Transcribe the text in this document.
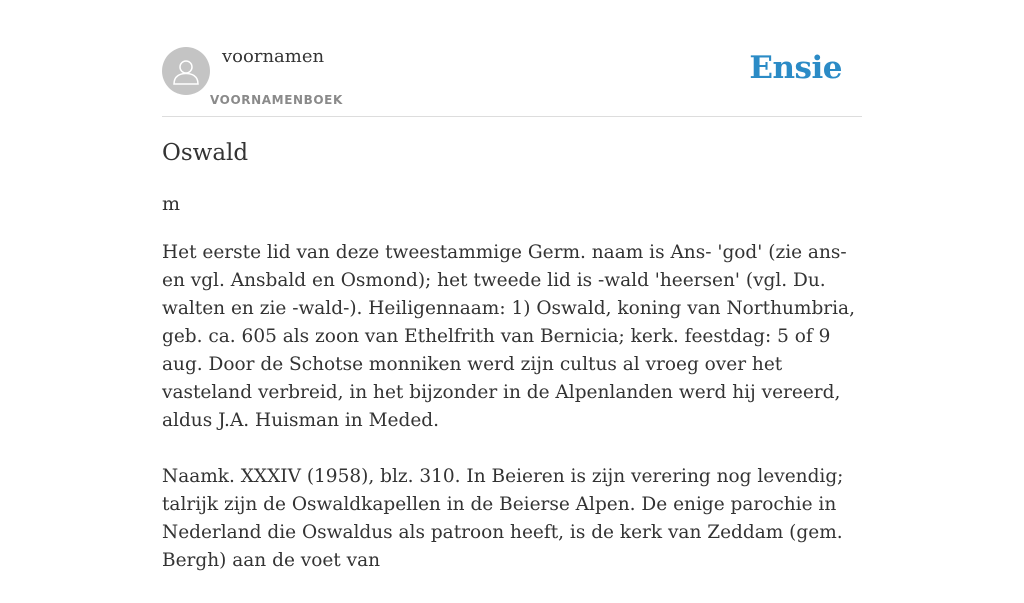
voornamen
VOORNAMENBOEK
Ensie
Oswald
m

Het eerste lid van deze tweestammige Germ. naam is Ans- 'god' (zie ans- en vgl. Ansbald en Osmond); het tweede lid is -wald 'heersen' (vgl. Du. walten en zie -wald-). Heiligennaam: 1) Oswald, koning van Northumbria, geb. ca. 605 als zoon van Ethelfrith van Bernicia; kerk. feestdag: 5 of 9 aug. Door de Schotse monniken werd zijn cultus al vroeg over het vasteland verbreid, in het bijzonder in de Alpenlanden werd hij vereerd, aldus J.A. Huisman in Meded.

Naamk. XXXIV (1958), blz. 310. In Beieren is zijn verering nog levendig; talrijk zijn de Oswaldkapellen in de Beierse Alpen. De enige parochie in Nederland die Oswaldus als patroon heeft, is de kerk van Zeddam (gem. Bergh) aan de voet van
